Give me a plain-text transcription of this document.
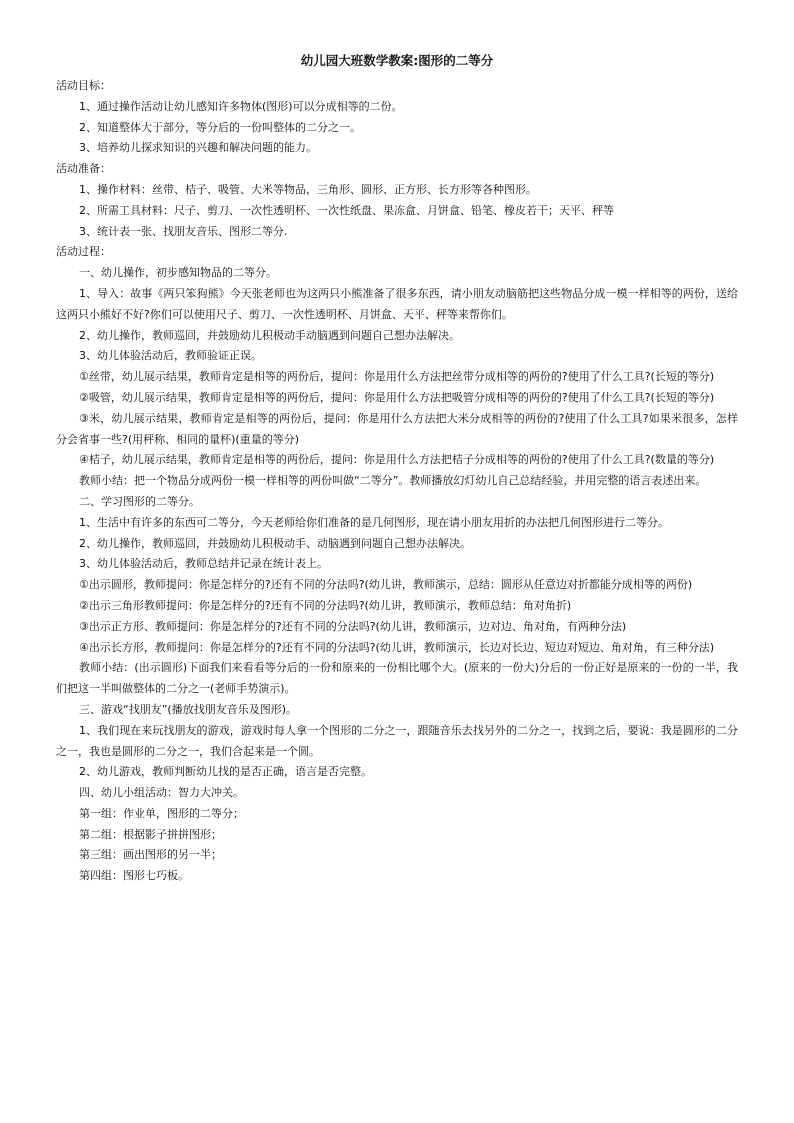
幼儿园大班数学教案:图形的二等分

活动目标：

1、通过操作活动让幼儿感知许多物体(图形)可以分成相等的二份。

2、知道整体大于部分，等分后的一份叫整体的二分之一。

3、培养幼儿探求知识的兴趣和解决问题的能力。

活动准备：

1、操作材料：丝带、桔子、吸管、大米等物品，三角形、圆形、正方形、长方形等各种图形。

2、所需工具材料：尺子、剪刀、一次性透明杯、一次性纸盘、果冻盒、月饼盒、铅笔、橡皮若干；天平、秤等

3、统计表一张、找朋友音乐、图形二等分.

活动过程：

一、幼儿操作，初步感知物品的二等分。

1、导入：故事《两只笨狗熊》今天张老师也为这两只小熊准备了很多东西，请小朋友动脑筋把这些物品分成一模一样相等的两份，送给这两只小熊好不好?你们可以使用尺子、剪刀、一次性透明杯、月饼盒、天平、秤等来帮你们。

2、幼儿操作，教师巡回，并鼓励幼儿积极动手动脑遇到问题自己想办法解决。

3、幼儿体验活动后，教师验证正误。

①丝带，幼儿展示结果，教师肯定是相等的两份后，提问：你是用什么方法把丝带分成相等的两份的?使用了什么工具?(长短的等分)

②吸管，幼儿展示结果，教师肯定是相等的两份后，提问：你是用什么方法把吸管分成相等的两份的?使用了什么工具?(长短的等分)

③米，幼儿展示结果，教师肯定是相等的两份后，提问：你是用什么方法把大米分成相等的两份的?使用了什么工具?如果米很多，怎样分会省事一些?(用秤称、相同的量杯)(重量的等分)

④桔子，幼儿展示结果，教师肯定是相等的两份后，提问：你是用什么方法把桔子分成相等的两份的?使用了什么工具?(数量的等分)

教师小结：把一个物品分成两份一模一样相等的两份叫做“二等分”。教师播放幻灯幼儿自己总结经验，并用完整的语言表述出来。

二、学习图形的二等分。

1、生活中有许多的东西可二等分，今天老师给你们准备的是几何图形，现在请小朋友用折的办法把几何图形进行二等分。

2、幼儿操作，教师巡回，并鼓励幼儿积极动手、动脑遇到问题自己想办法解决。

3、幼儿体验活动后，教师总结并记录在统计表上。

①出示圆形，教师提问：你是怎样分的?还有不同的分法吗?(幼儿讲，教师演示，总结：圆形从任意边对折都能分成相等的两份)

②出示三角形教师提问：你是怎样分的?还有不同的分法吗?(幼儿讲，教师演示，教师总结：角对角折)

③出示正方形、教师提问：你是怎样分的?还有不同的分法吗?(幼儿讲，教师演示，边对边、角对角，有两种分法)

④出示长方形，教师提问：你是怎样分的?还有不同的分法吗?(幼儿讲，教师演示，长边对长边、短边对短边、角对角，有三种分法)

教师小结：(出示圆形)下面我们来看看等分后的一份和原来的一份相比哪个大。(原来的一份大)分后的一份正好是原来的一份的一半，我们把这一半叫做整体的二分之一(老师手势演示)。

三、游戏“找朋友”(播放找朋友音乐及图形)。

1、我们现在来玩找朋友的游戏，游戏时每人拿一个图形的二分之一，跟随音乐去找另外的二分之一，找到之后，要说：我是圆形的二分之一，我也是圆形的二分之一，我们合起来是一个圆。

2、幼儿游戏，教师判断幼儿找的是否正确，语言是否完整。

四、幼儿小组活动：智力大冲关。

第一组：作业单，图形的二等分；

第二组：根据影子拼拼图形；

第三组：画出图形的另一半；

第四组：图形七巧板。
